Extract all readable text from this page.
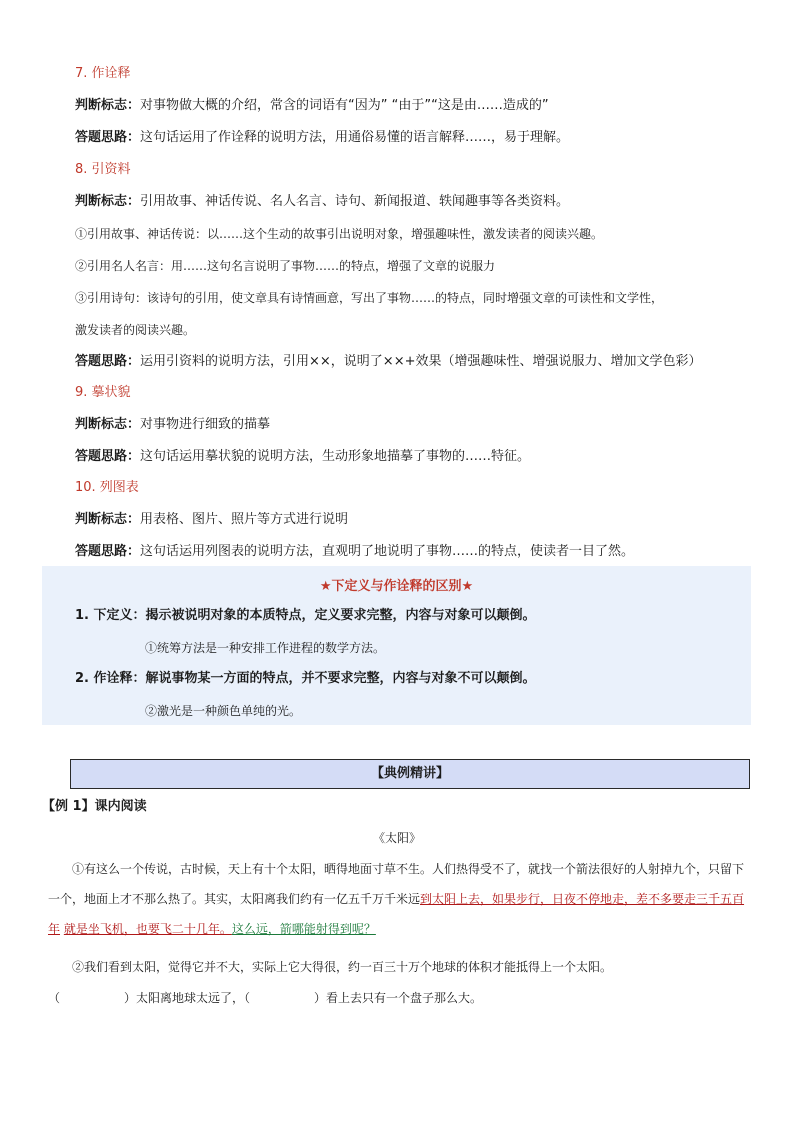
7. 作诠释
判断标志：对事物做大概的介绍，常含的词语有“因为” “由于”“这是由……造成的”
答题思路：这句话运用了作诠释的说明方法，用通俗易懂的语言解释……，易于理解。
8. 引资料
判断标志：引用故事、神话传说、名人名言、诗句、新闻报道、轶闻趣事等各类资料。
①引用故事、神话传说：以……这个生动的故事引出说明对象，增强趣味性，激发读者的阅读兴趣。
②引用名人名言：用……这句名言说明了事物……的特点，增强了文章的说服力
③引用诗句：该诗句的引用，使文章具有诗情画意，写出了事物……的特点，同时增强文章的可读性和文学性，
激发读者的阅读兴趣。
答题思路：运用引资料的说明方法，引用××，说明了××+效果（增强趣味性、增强说服力、增加文学色彩）
9. 摹状貌
判断标志：对事物进行细致的描摹
答题思路：这句话运用摹状貌的说明方法，生动形象地描摹了事物的……特征。
10. 列图表
判断标志：用表格、图片、照片等方式进行说明
答题思路：这句话运用列图表的说明方法，直观明了地说明了事物……的特点，使读者一目了然。
★下定义与作诠释的区别★
1. 下定义：揭示被说明对象的本质特点，定义要求完整，内容与对象可以颠倒。
①统筹方法是一种安排工作进程的数学方法。
2. 作诠释：解说事物某一方面的特点，并不要求完整，内容与对象不可以颠倒。
②激光是一种颜色单纯的光。
【典例精讲】
【例 1】课内阅读
《太阳》
①有这么一个传说，古时候，天上有十个太阳，晒得地面寸草不生。人们热得受不了，就找一个箭法很好的人射掉九个，只留下一个，地面上才不那么热了。其实，太阳离我们约有一亿五千万千米远到太阳上去，如果步行，日夜不停地走，差不多要走三千五百年 就是坐飞机，也要飞二十几年。这么远，箭哪能射得到呢？
②我们看到太阳，觉得它并不大，实际上它大得很，约一百三十万个地球的体积才能抵得上一个太阳。
（	）太阳离地球太远了，（	）看上去只有一个盘子那么大。
